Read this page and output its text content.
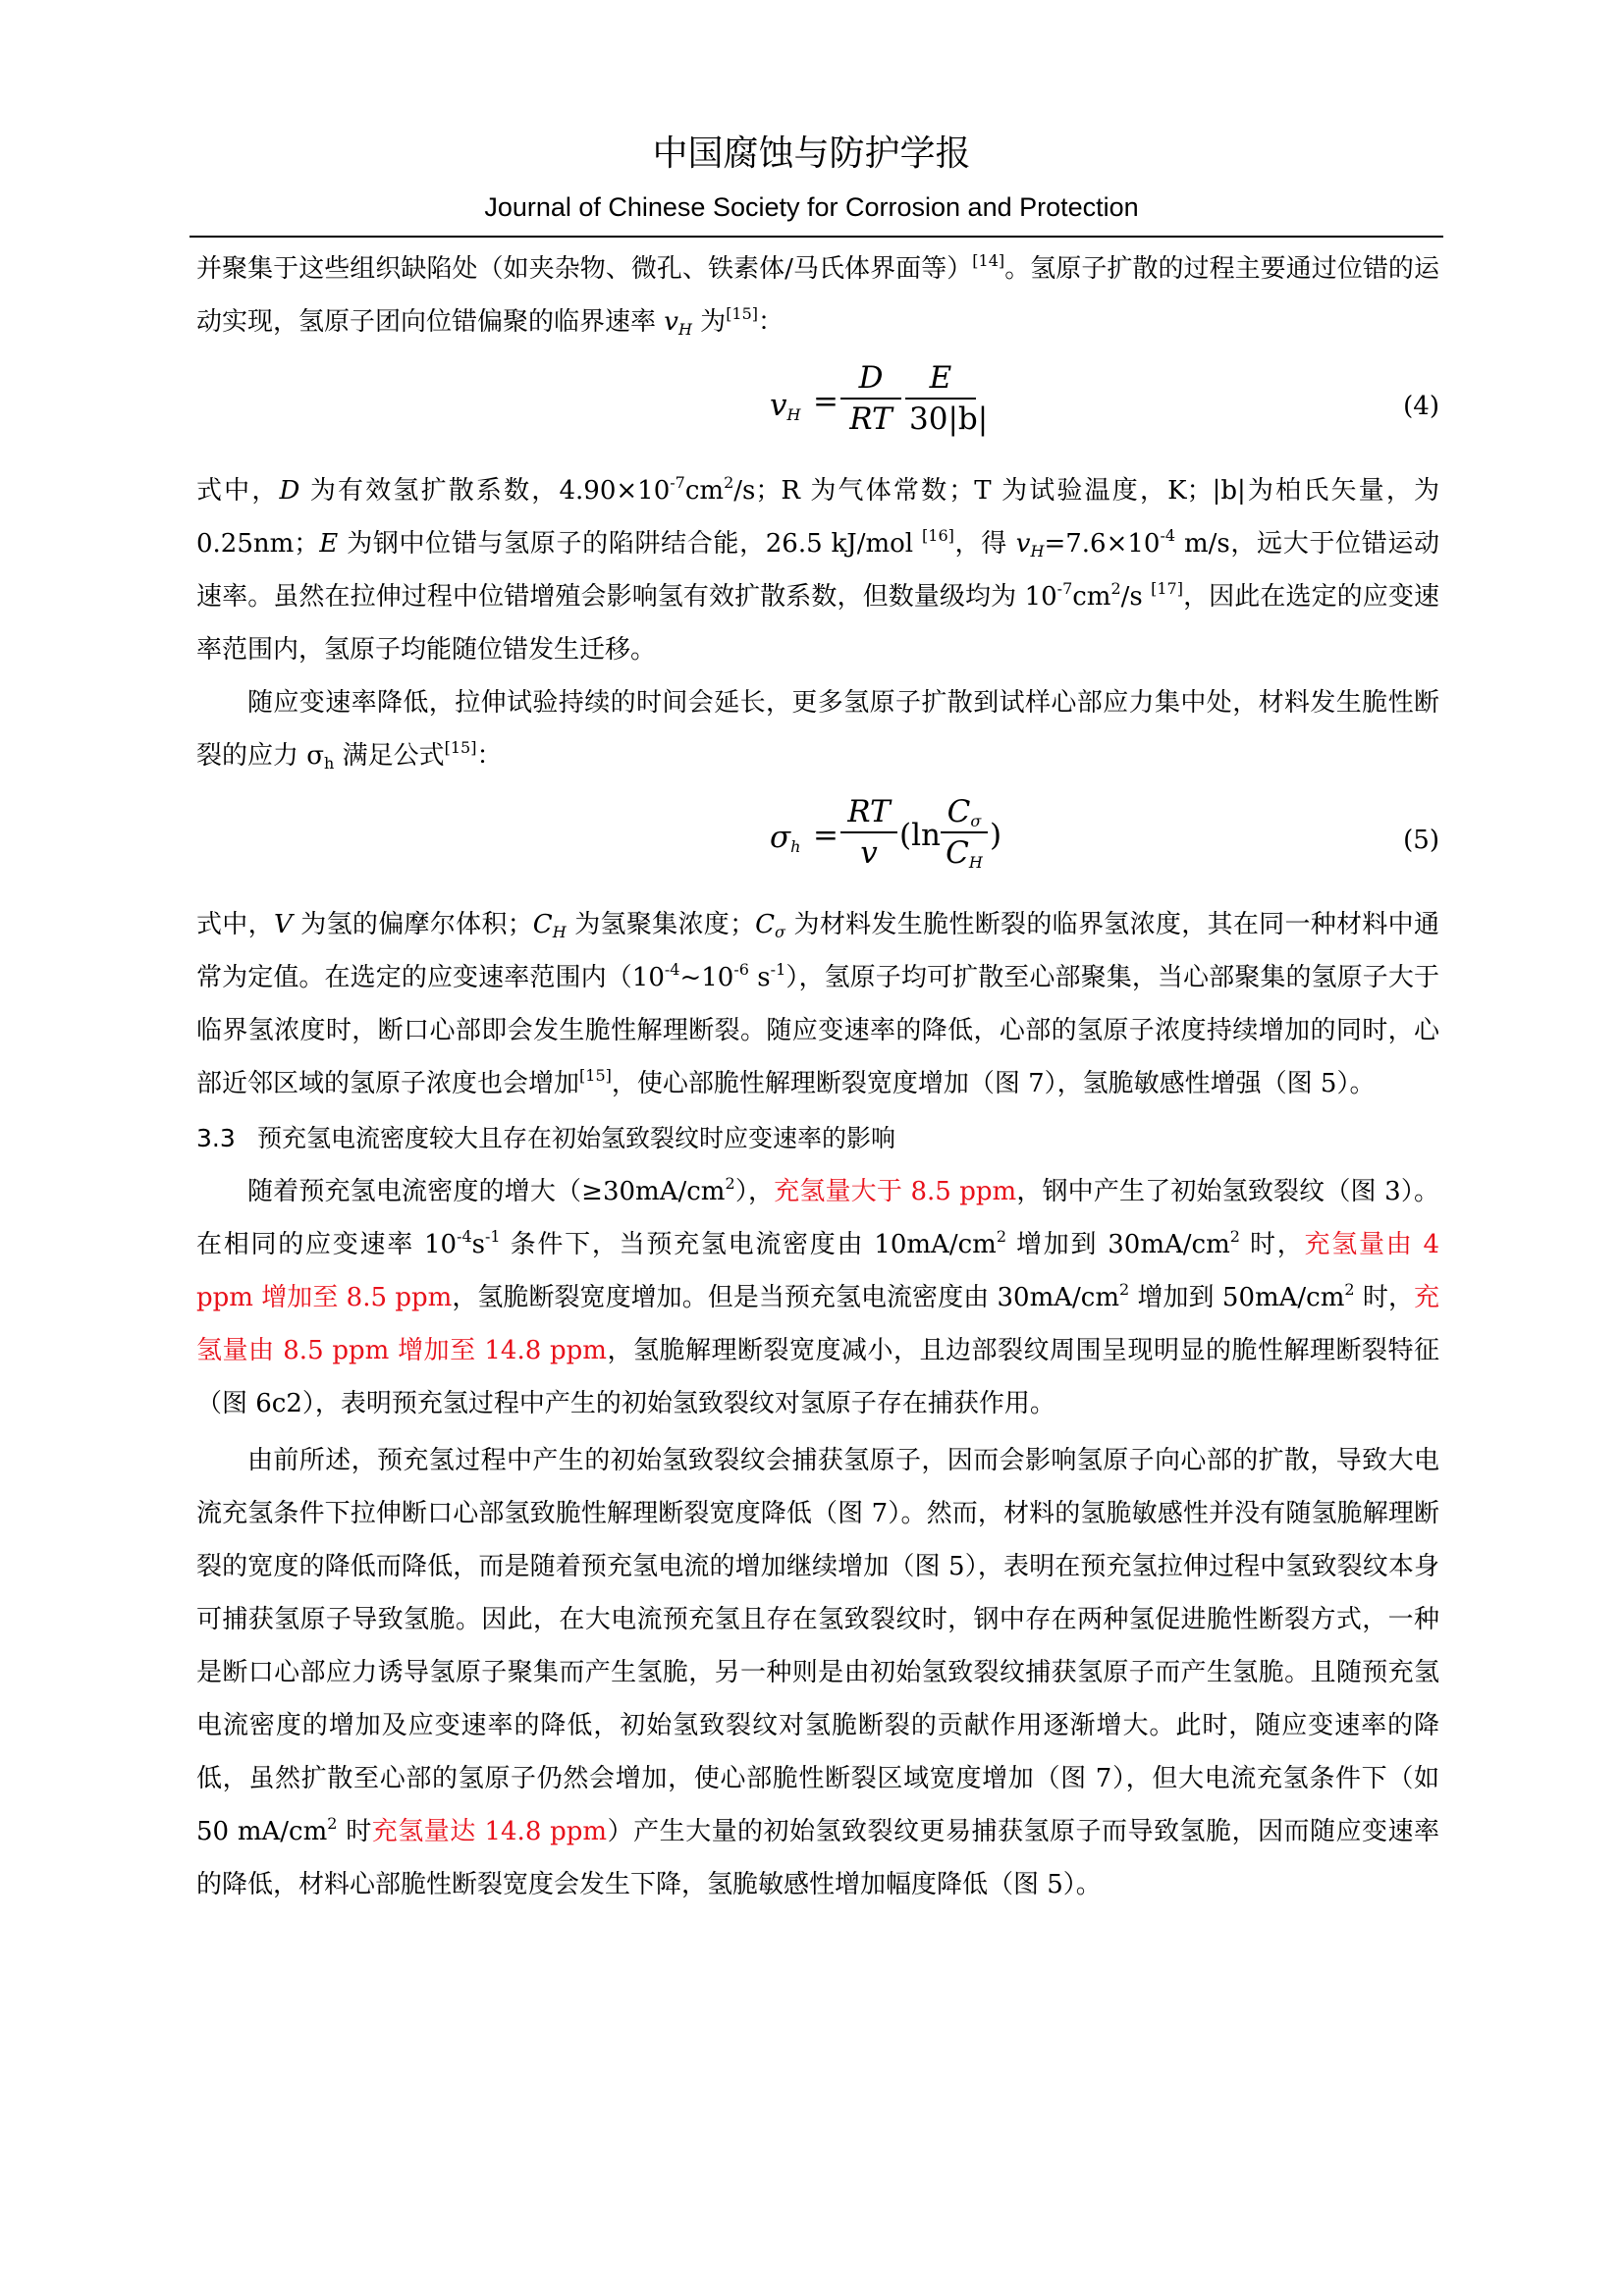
中国腐蚀与防护学报
Journal of Chinese Society for Corrosion and Protection

并聚集于这些组织缺陷处（如夹杂物、微孔、铁素体/马氏体界面等）[14]。氢原子扩散的过程主要通过位错的运动实现，氢原子团向位错偏聚的临界速率 $v_H$ 为[15]：

$v_H$ =
D
RT
E
30|b|	(4)

式中，D 为有效氢扩散系数，$4.90\times 10^{-7}cm^2/s$；R 为气体常数；T 为试验温度，K；|b|为柏氏矢量，为 0.25nm；E 为钢中位错与氢原子的陷阱结合能，26.5 kJ/mol [16]，得 $v_H=7.6\times 10^{-4}$ m/s，远大于位错运动速率。虽然在拉伸过程中位错增殖会影响氢有效扩散系数，但数量级均为 $10^{-7}cm^2/s$ [17]，因此在选定的应变速率范围内，氢原子均能随位错发生迁移。

随应变速率降低，拉伸试验持续的时间会延长，更多氢原子扩散到试样心部应力集中处，材料发生脆性断裂的应力 $\sigma_h$ 满足公式[15]：

$\sigma_h$ =
RT
v (ln
$C_\sigma$
$C_H$
)	(5)

式中，V 为氢的偏摩尔体积；$C_H$ 为氢聚集浓度；$C_\sigma$ 为材料发生脆性断裂的临界氢浓度，其在同一种材料中通常为定值。在选定的应变速率范围内（$10^{-4}\sim 10^{-6}$ $s^{-1}$），氢原子均可扩散至心部聚集，当心部聚集的氢原子大于临界氢浓度时，断口心部即会发生脆性解理断裂。随应变速率的降低，心部的氢原子浓度持续增加的同时，心部近邻区域的氢原子浓度也会增加[15]，使心部脆性解理断裂宽度增加（图 7），氢脆敏感性增强（图 5）。

3.3 预充氢电流密度较大且存在初始氢致裂纹时应变速率的影响

随着预充氢电流密度的增大$(\ge 30mA/cm^2)$，充氢量大于 8.5 ppm，钢中产生了初始氢致裂纹（图 3）。在相同的应变速率 $10^{-4}s^{-1}$ 条件下，当预充氢电流密度由 $10mA/cm^2$ 增加到 $30mA/cm^2$ 时，充氢量由 4 ppm 增加至 8.5 ppm，氢脆断裂宽度增加。但是当预充氢电流密度由 $30mA/cm^2$ 增加到 $50mA/cm^2$ 时，充氢量由 8.5 ppm 增加至 14.8 ppm，氢脆解理断裂宽度减小，且边部裂纹周围呈现明显的脆性解理断裂特征（图 6c2），表明预充氢过程中产生的初始氢致裂纹对氢原子存在捕获作用。

由前所述，预充氢过程中产生的初始氢致裂纹会捕获氢原子，因而会影响氢原子向心部的扩散，导致大电流充氢条件下拉伸断口心部氢致脆性解理断裂宽度降低（图 7）。然而，材料的氢脆敏感性并没有随氢脆解理断裂的宽度的降低而降低，而是随着预充氢电流的增加继续增加（图 5），表明在预充氢拉伸过程中氢致裂纹本身可捕获氢原子导致氢脆。因此，在大电流预充氢且存在氢致裂纹时，钢中存在两种氢促进脆性断裂方式，一种是断口心部应力诱导氢原子聚集而产生氢脆，另一种则是由初始氢致裂纹捕获氢原子而产生氢脆。且随预充氢电流密度的增加及应变速率的降低，初始氢致裂纹对氢脆断裂的贡献作用逐渐增大。此时，随应变速率的降低，虽然扩散至心部的氢原子仍然会增加，使心部脆性断裂区域宽度增加（图 7），但大电流充氢条件下（如 50 $mA/cm^2$ 时充氢量达 14.8 ppm）产生大量的初始氢致裂纹更易捕获氢原子而导致氢脆，因而随应变速率的降低，材料心部脆性断裂宽度会发生下降，氢脆敏感性增加幅度降低（图 5）。
